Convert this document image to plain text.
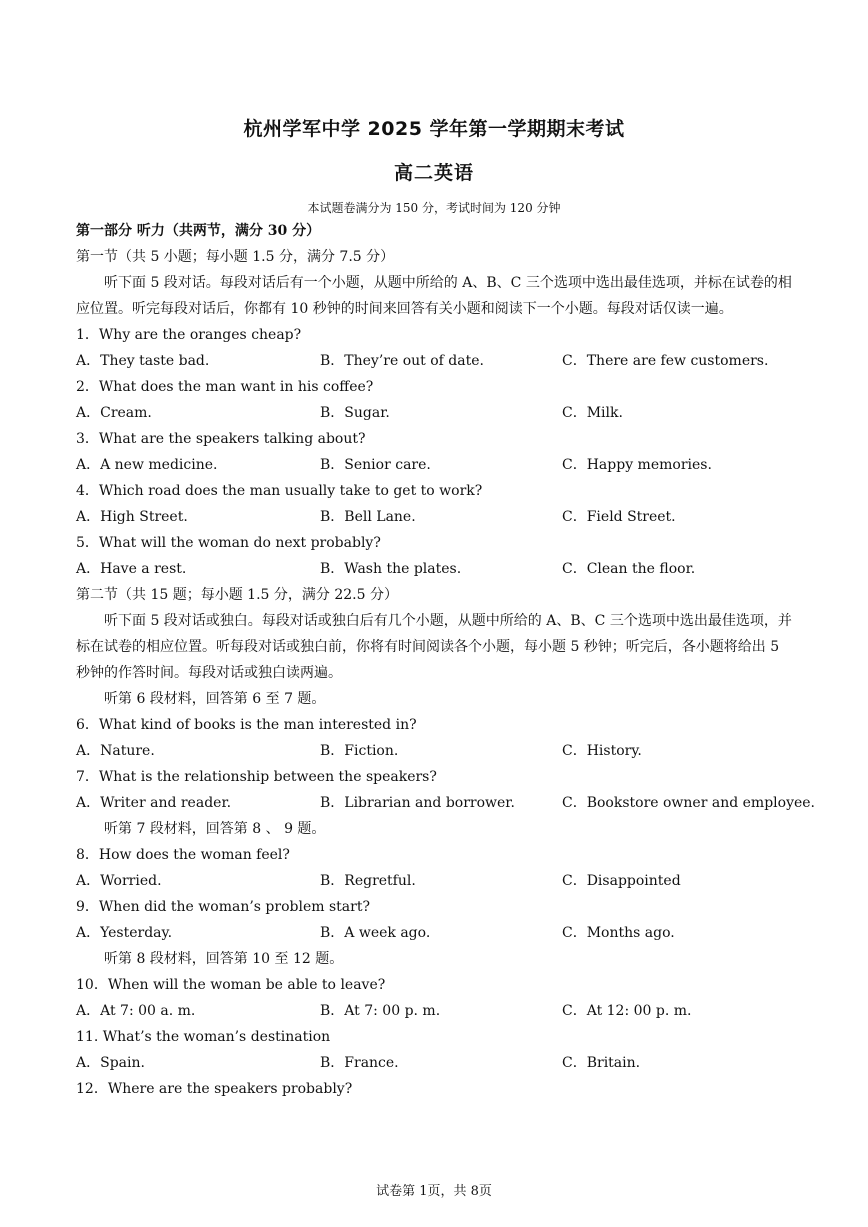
杭州学军中学 2025 学年第一学期期末考试
高二英语
本试题卷满分为 150 分，考试时间为 120 分钟
第一部分 听力（共两节，满分 30 分）
第一节（共 5 小题；每小题 1.5 分，满分 7.5 分）
听下面 5 段对话。每段对话后有一个小题，从题中所给的 A、B、C 三个选项中选出最佳选项，并标在试卷的相应位置。听完每段对话后，你都有 10 秒钟的时间来回答有关小题和阅读下一个小题。每段对话仅读一遍。
1．Why are the oranges cheap?
A．They taste bad.	B．They’re out of date.	C．There are few customers.
2．What does the man want in his coffee?
A．Cream.	B．Sugar.	C．Milk.
3．What are the speakers talking about?
A．A new medicine.	B．Senior care.	C．Happy memories.
4．Which road does the man usually take to get to work?
A．High Street.	B．Bell Lane.	C．Field Street.
5．What will the woman do next probably?
A．Have a rest.	B．Wash the plates.	C．Clean the floor.
第二节（共 15 题；每小题 1.5 分，满分 22.5 分）
听下面 5 段对话或独白。每段对话或独白后有几个小题，从题中所给的 A、B、C 三个选项中选出最佳选项，并标在试卷的相应位置。听每段对话或独白前，你将有时间阅读各个小题，每小题 5 秒钟；听完后，各小题将给出 5 秒钟的作答时间。每段对话或独白读两遍。
听第 6 段材料，回答第 6 至 7 题。
6．What kind of books is the man interested in?
A．Nature.	B．Fiction.	C．History.
7．What is the relationship between the speakers?
A．Writer and reader.	B．Librarian and borrower.	C．Bookstore owner and employee.
听第 7 段材料，回答第 8 、 9 题。
8．How does the woman feel?
A．Worried.	B．Regretful.	C．Disappointed
9．When did the woman’s problem start?
A．Yesterday.	B．A week ago.	C．Months ago.
听第 8 段材料，回答第 10 至 12 题。
10．When will the woman be able to leave?
A．At 7: 00 a. m.	B．At 7: 00 p. m.	C．At 12: 00 p. m.
11. What’s the woman’s destination
A．Spain.	B．France.	C．Britain.
12．Where are the speakers probably?
试卷第 1页，共 8页
